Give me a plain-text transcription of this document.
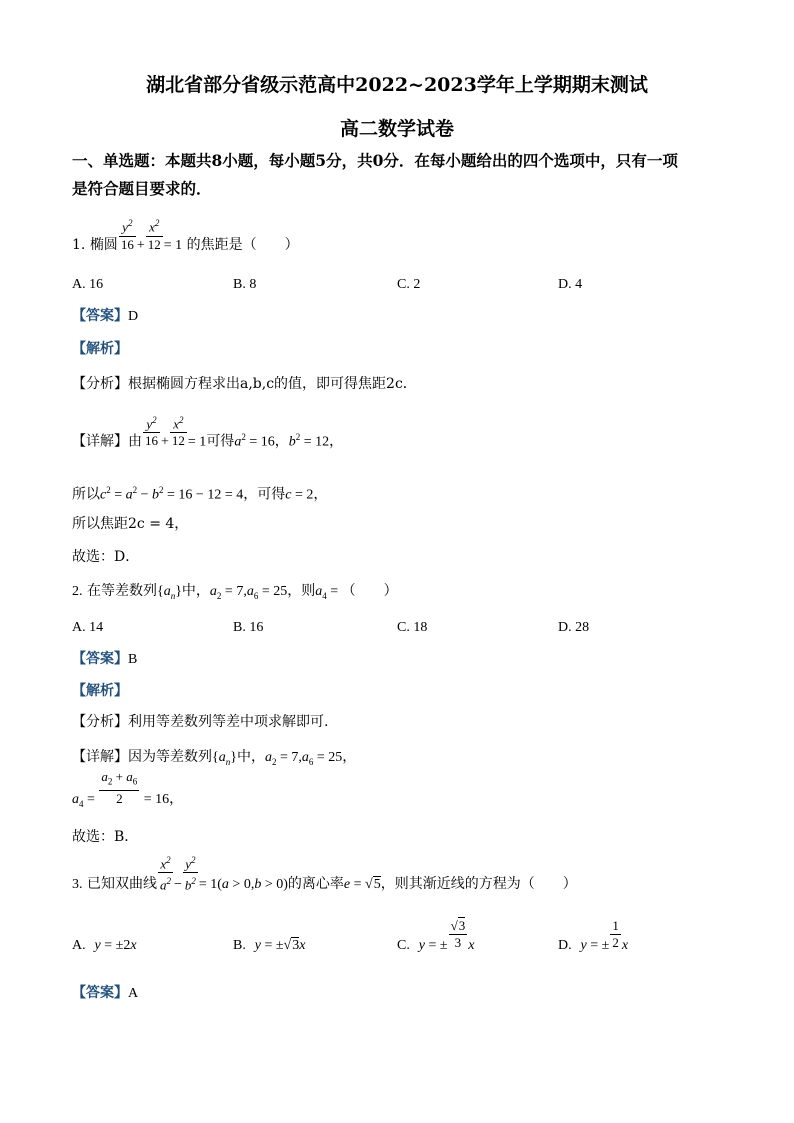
湖北省部分省级示范高中2022~2023学年上学期期末测试
高二数学试卷
一、单选题：本题共8小题，每小题5分，共0分．在每小题给出的四个选项中，只有一项
是符合题目要求的．
1. 椭圆 $\frac{y^2}{16} + \frac{x^2}{12} = 1$ 的焦距是（　　）
A. 16	B. 8	C. 2	D. 4
【答案】D
【解析】
【分析】根据椭圆方程求出a,b,c的值，即可得焦距2c．
【详解】由 $\frac{y^2}{16} + \frac{x^2}{12} = 1$可得$a^2 = 16$，$b^2 = 12$，
所以$c^2 = a^2 - b^2 = 16 - 12 = 4$，可得c = 2，
所以焦距2c = 4，
故选：D．
2. 在等差数列$\{a_n\}$中，$a_2 = 7,a_6 = 25$，则$a_4$ = （　　）
A. 14	B. 16	C. 18	D. 28
【答案】B
【解析】
【分析】利用等差数列等差中项求解即可.
【详解】因为等差数列$\{a_n\}$中，$a_2 = 7,a_6 = 25$，
$a_4 = \frac{a_2 + a_6}{2} = 16$，
故选：B．
3. 已知双曲线 $\frac{x^2}{a^2} - \frac{y^2}{b^2} = 1(a > 0,b > 0)$的离心率e = √5，则其渐近线的方程为（　　）
A. y = ±2x	B. y = ±√3x	C. y = ± $\frac{√3}{3}$ x	D. y = ± $\frac{1}{2}$ x
【答案】A
